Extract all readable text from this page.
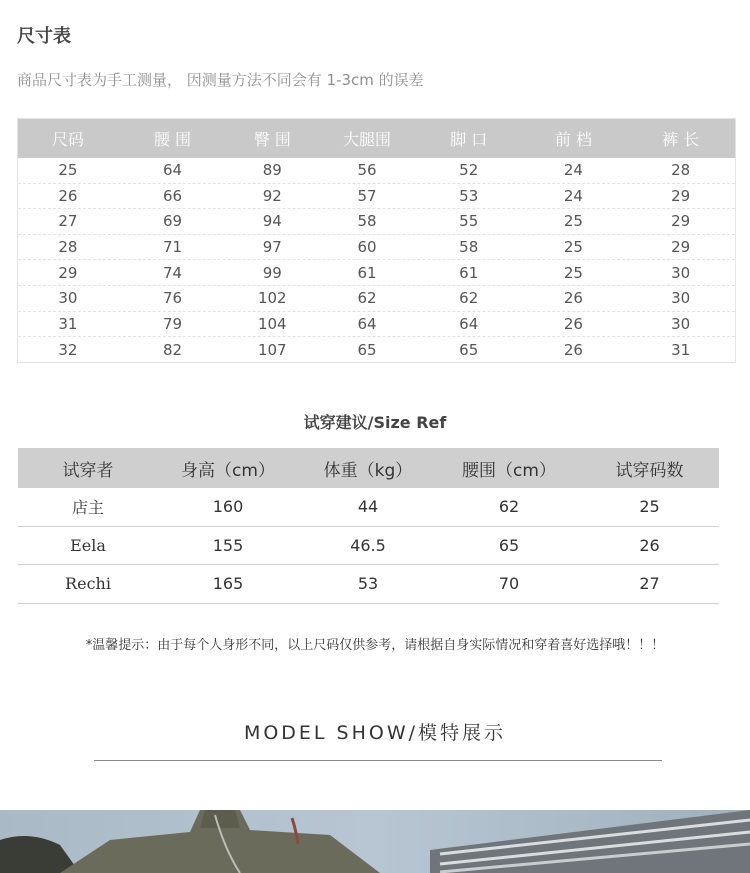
尺寸表
商品尺寸表为手工测量， 因测量方法不同会有 1-3cm 的误差
尺码	腰 围	臀 围	大腿围	脚 口	前 档	裤 长
25	64	89	56	52	24	28
26	66	92	57	53	24	29
27	69	94	58	55	25	29
28	71	97	60	58	25	29
29	74	99	61	61	25	30
30	76	102	62	62	26	30
31	79	104	64	64	26	30
32	82	107	65	65	26	31
试穿建议/Size Ref
试穿者	身高（cm）	体重（kg）	腰围（cm）	试穿码数
店主	160	44	62	25
Eela	155	46.5	65	26
Rechi	165	53	70	27
*温馨提示：由于每个人身形不同，以上尺码仅供参考，请根据自身实际情况和穿着喜好选择哦！！！
MODEL SHOW/模特展示
